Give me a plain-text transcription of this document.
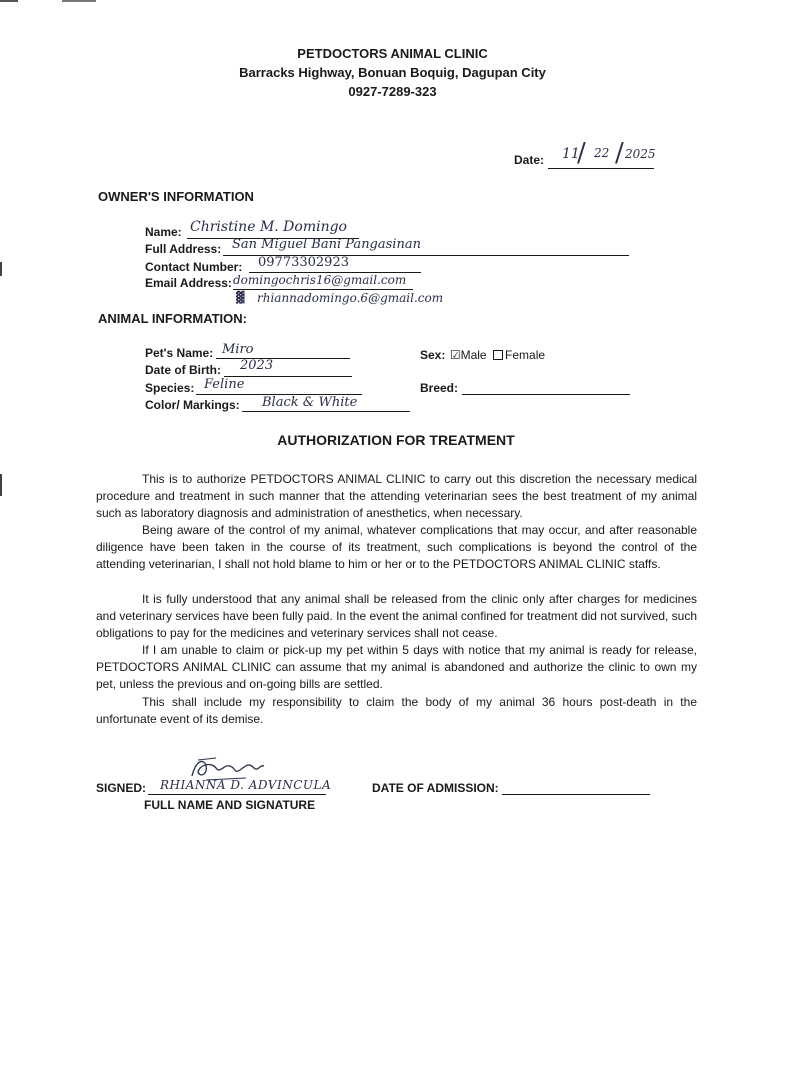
PETDOCTORS ANIMAL CLINIC
Barracks Highway, Bonuan Boquig, Dagupan City
0927-7289-323
Date: 11
/ 22 / 2025
OWNER'S INFORMATION
Name: Christine M. Domingo
Full Address: San Miguel Bani Pangasinan
Contact Number: 09773302923
Email Address: domingochris16@gmail.com
▓ rhiannadomingo.6@gmail.com
ANIMAL INFORMATION:
Pet's Name: Miro
Date of Birth: 2023
Species: Feline
Color/ Markings: Black & White
Sex: ☑Male Female
Breed:
AUTHORIZATION FOR TREATMENT

This is to authorize PETDOCTORS ANIMAL CLINIC to carry out this discretion the necessary medical procedure and treatment in such manner that the attending veterinarian sees the best treatment of my animal such as laboratory diagnosis and administration of anesthetics, when necessary.

Being aware of the control of my animal, whatever complications that may occur, and after reasonable diligence have been taken in the course of its treatment, such complications is beyond the control of the attending veterinarian, I shall not hold blame to him or her or to the PETDOCTORS ANIMAL CLINIC staffs.

It is fully understood that any animal shall be released from the clinic only after charges for medicines and veterinary services have been fully paid. In the event the animal confined for treatment did not survived, such obligations to pay for the medicines and veterinary services shall not cease.

If I am unable to claim or pick-up my pet within 5 days with notice that my animal is ready for release, PETDOCTORS ANIMAL CLINIC can assume that my animal is abandoned and authorize the clinic to own my pet, unless the previous and on-going bills are settled.

This shall include my responsibility to claim the body of my animal 36 hours post-death in the unfortunate event of its demise.

SIGNED: RHIANNA D. ADVINCULA
FULL NAME AND SIGNATURE
DATE OF ADMISSION:
